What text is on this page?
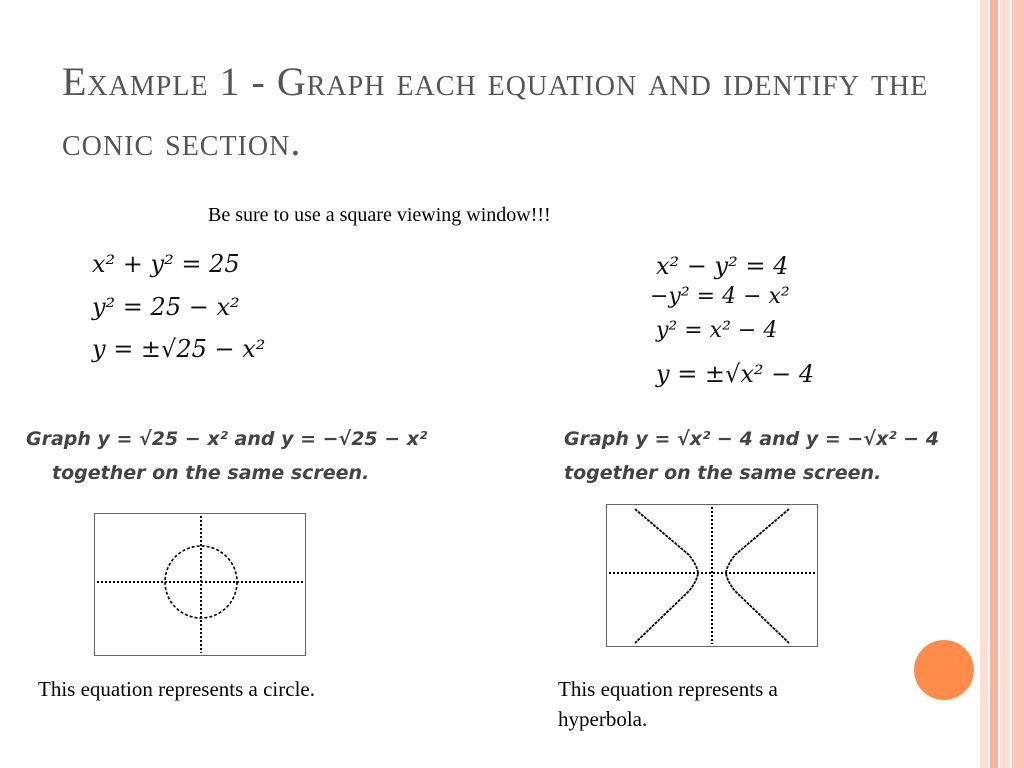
Example 1 - Graph each equation and identify the conic section.
Be sure to use a square viewing window!!!
x² + y² = 25
y² = 25 − x²
y = ±√25 − x²
x² − y² = 4
−y² = 4 − x²
y² = x² − 4
y = ±√x² − 4
Graph y = √25 − x² and y = −√25 − x²
together on the same screen.
Graph y = √x² − 4 and y = −√x² − 4
together on the same screen.
This equation represents a circle.	This equation represents a
hyperbola.
